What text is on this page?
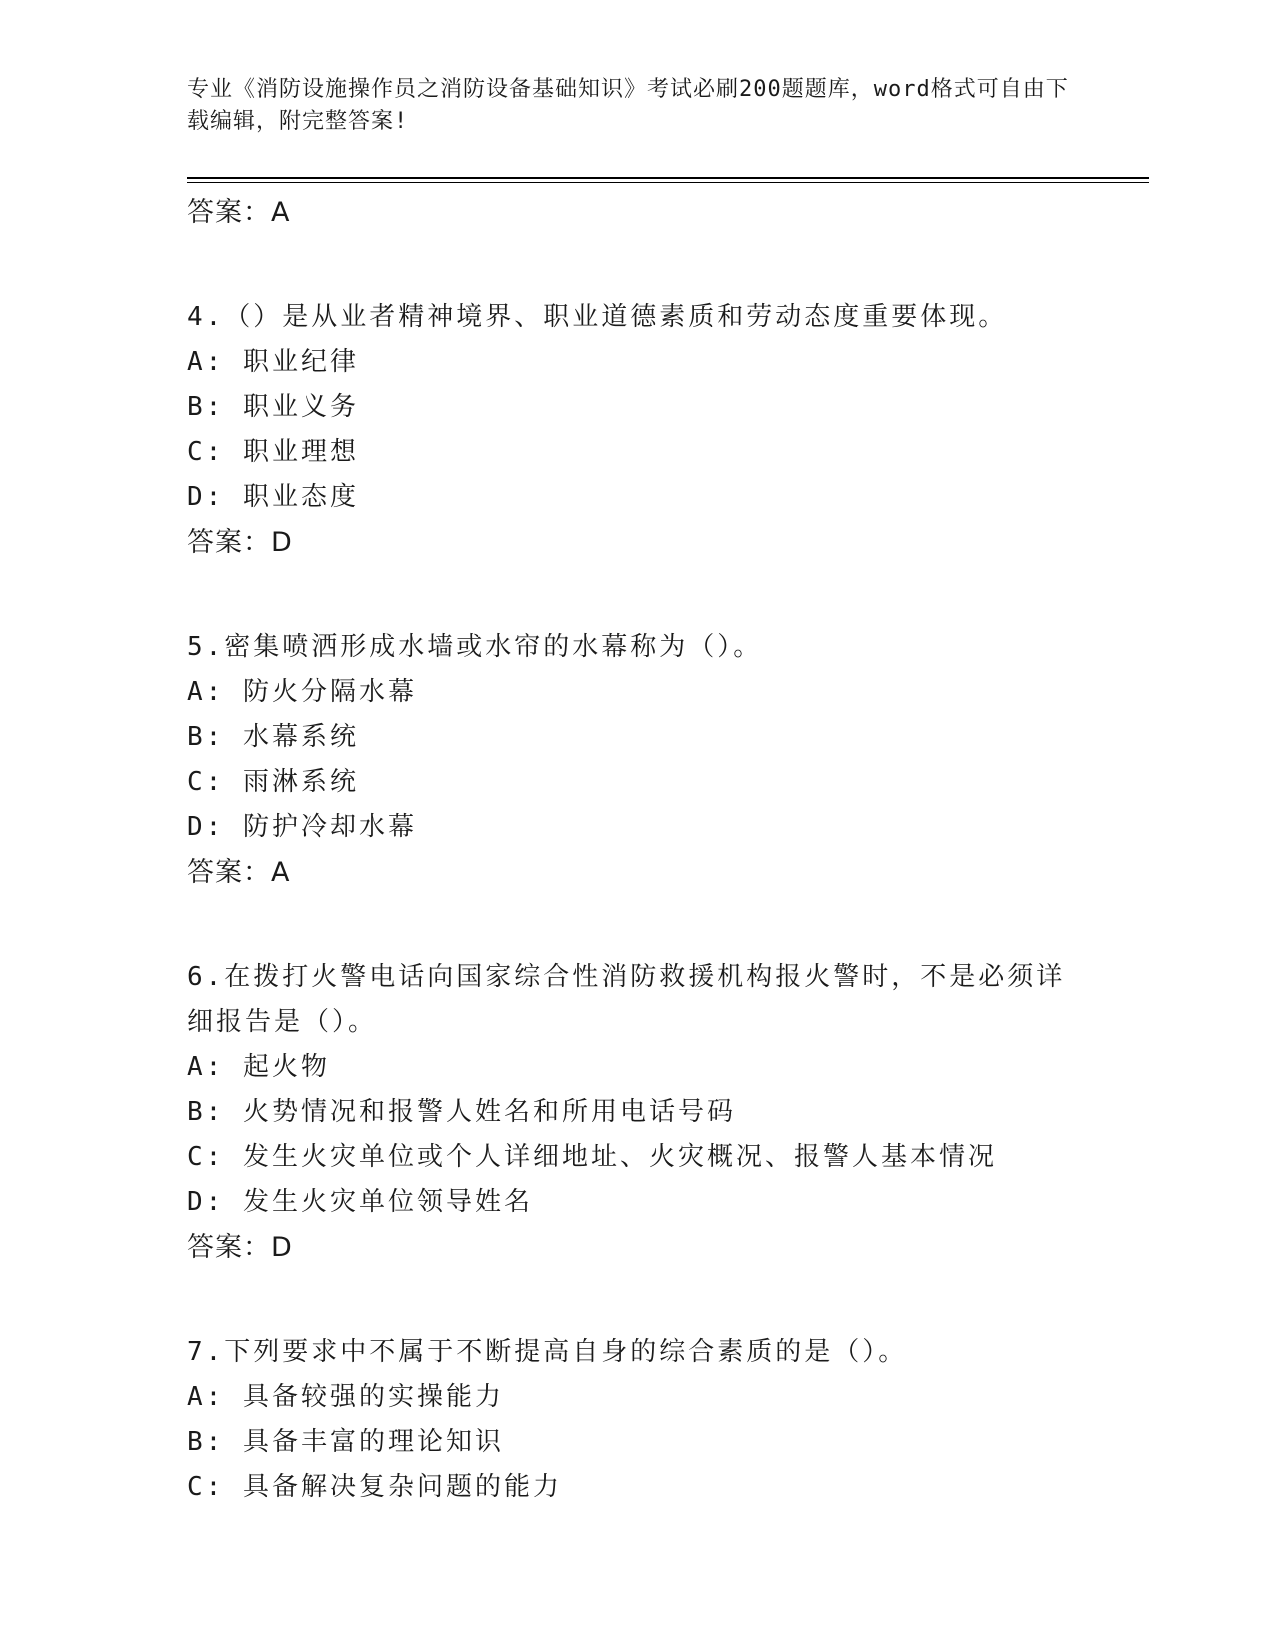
专业《消防设施操作员之消防设备基础知识》考试必刷200题题库，word格式可自由下载编辑，附完整答案!
答案：A
4.（）是从业者精神境界、职业道德素质和劳动态度重要体现。
A: 职业纪律
B: 职业义务
C: 职业理想
D: 职业态度
答案：D
5.密集喷洒形成水墙或水帘的水幕称为（）。
A: 防火分隔水幕
B: 水幕系统
C: 雨淋系统
D: 防护冷却水幕
答案：A
6.在拨打火警电话向国家综合性消防救援机构报火警时，不是必须详细报告是（）。
A: 起火物
B: 火势情况和报警人姓名和所用电话号码
C: 发生火灾单位或个人详细地址、火灾概况、报警人基本情况
D: 发生火灾单位领导姓名
答案：D
7.下列要求中不属于不断提高自身的综合素质的是（）。
A: 具备较强的实操能力
B: 具备丰富的理论知识
C: 具备解决复杂问题的能力
